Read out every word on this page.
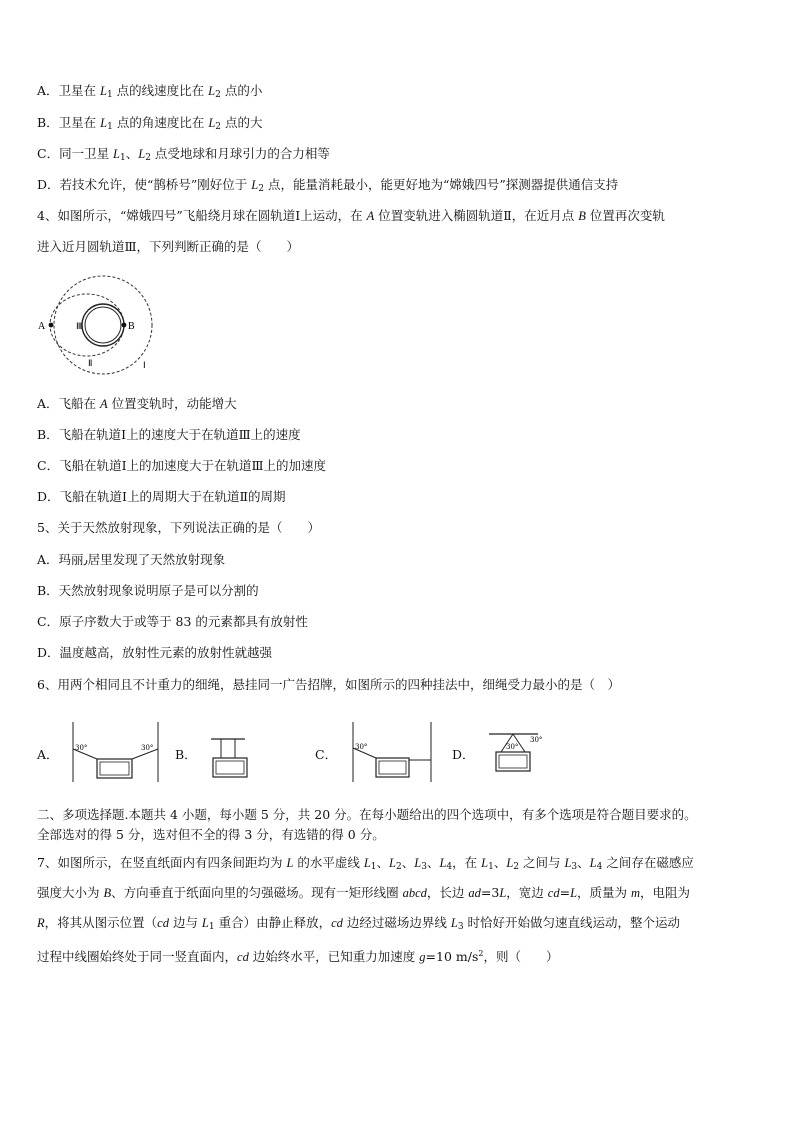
A．卫星在 $L_1$ 点的线速度比在 $L_2$ 点的小
B．卫星在 $L_1$ 点的角速度比在 $L_2$ 点的大
C．同一卫星 $L_1$、$L_2$ 点受地球和月球引力的合力相等
D．若技术允许，使“鹊桥号”刚好位于 $L_2$ 点，能量消耗最小，能更好地为“嫦娥四号”探测器提供通信支持
4、如图所示，“嫦娥四号”飞船绕月球在圆轨道Ⅰ上运动，在 A 位置变轨进入椭圆轨道Ⅱ，在近月点 B 位置再次变轨
进入近月圆轨道Ⅲ，下列判断正确的是（　　）
A	B
Ⅲ
Ⅱ	Ⅰ
A．飞船在 A 位置变轨时，动能增大
B．飞船在轨道Ⅰ上的速度大于在轨道Ⅲ上的速度
C．飞船在轨道Ⅰ上的加速度大于在轨道Ⅲ上的加速度
D．飞船在轨道Ⅰ上的周期大于在轨道Ⅱ的周期
5、关于天然放射现象，下列说法正确的是（　　）
A．玛丽٫居里发现了天然放射现象
B．天然放射现象说明原子是可以分割的
C．原子序数大于或等于 83 的元素都具有放射性
D．温度越高，放射性元素的放射性就越强
6、用两个相同且不计重力的细绳，悬挂同一广告招牌，如图所示的四种挂法中，细绳受力最小的是（　）
A． 30°	30° B．	C．	30°	D．	30°
30°
二、多项选择题.本题共 4 小题，每小题 5 分，共 20 分。在每小题给出的四个选项中，有多个选项是符合题目要求的。
全部选对的得 5 分，选对但不全的得 3 分，有选错的得 0 分。
7、如图所示，在竖直纸面内有四条间距均为 L 的水平虚线 $L_1$、$L_2$、$L_3$、$L_4$，在 $L_1$、$L_2$ 之间与 $L_3$、$L_4$ 之间存在磁感应
强度大小为 B、方向垂直于纸面向里的匀强磁场。现有一矩形线圈 abcd，长边 ad=3L，宽边 cd=L，质量为 m，电阻为
R，将其从图示位置（cd 边与 $L_1$ 重合）由静止释放，cd 边经过磁场边界线 $L_3$ 时恰好开始做匀速直线运动，整个运动
过程中线圈始终处于同一竖直面内，cd 边始终水平，已知重力加速度 g=10 $m/s^2$，则（　　）
